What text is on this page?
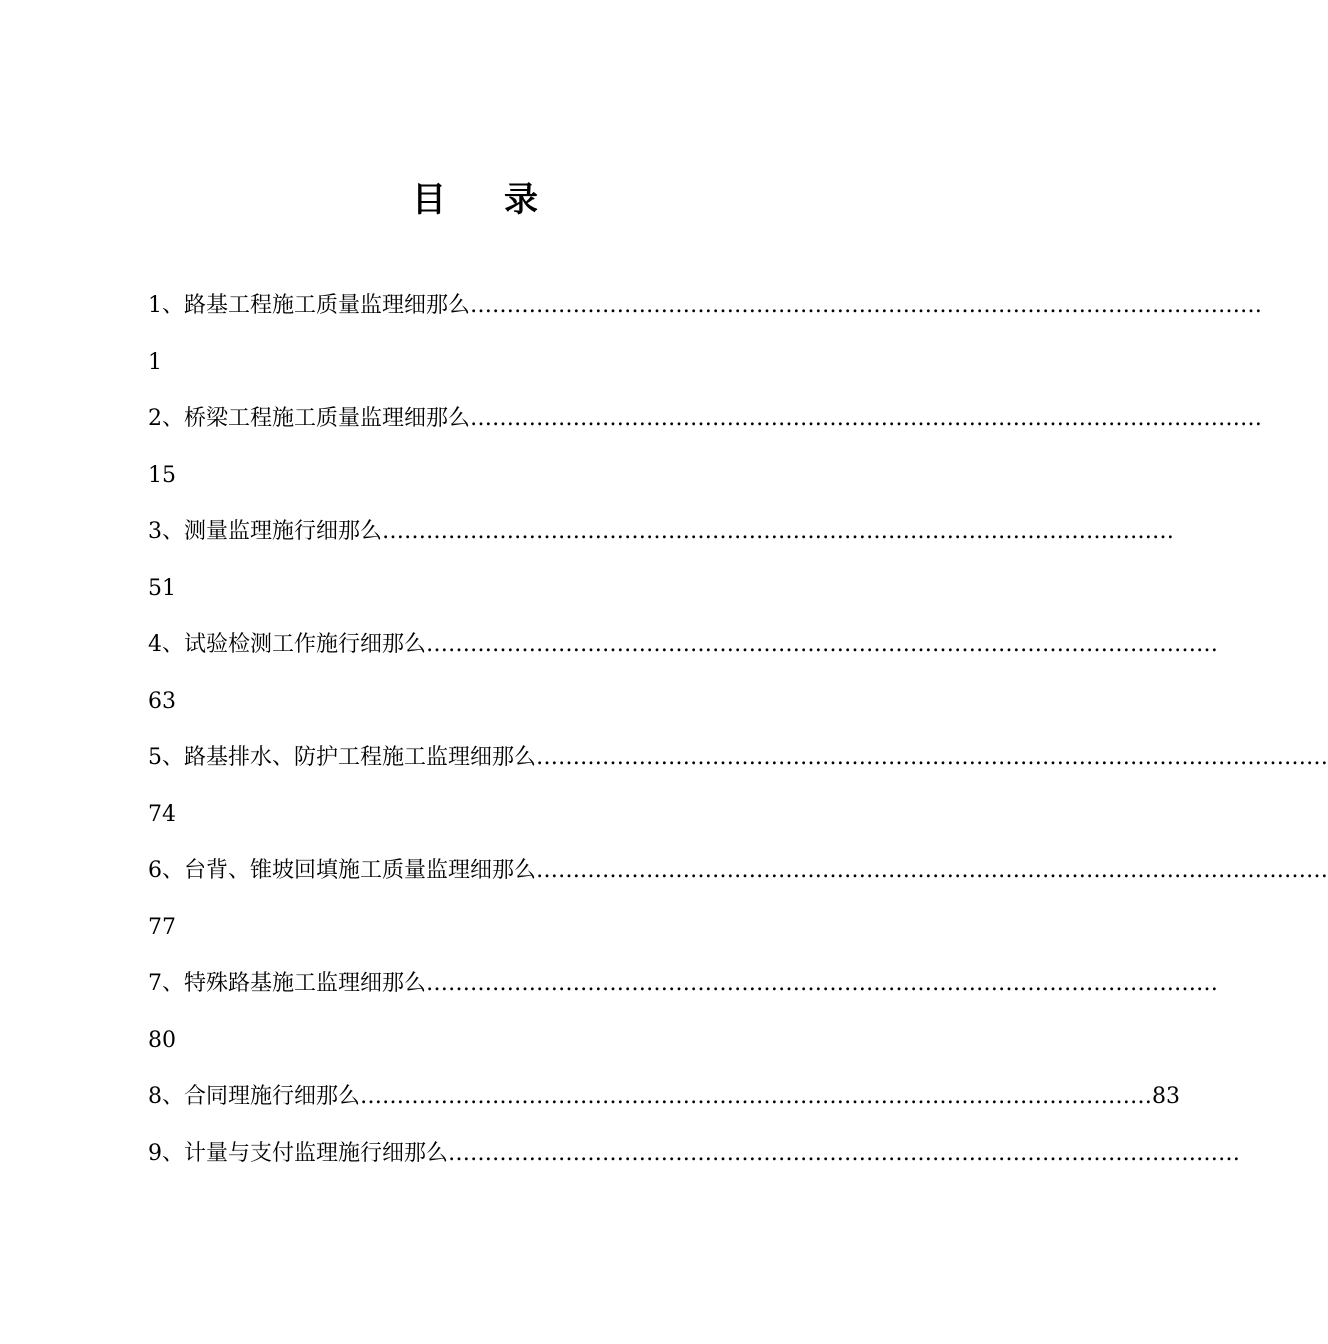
目 录
1、路基工程施工质量监理细那么 ………………………………………………………………………………………………
1
2、桥梁工程施工质量监理细那么 ………………………………………………………………………………………………
15
3、测量监理施行细那么 ………………………………………………………………………………………………
51
4、试验检测工作施行细那么 ………………………………………………………………………………………………
63
5、路基排水、防护工程施工监理细那么 ………………………………………………………………………………………………
74
6、台背、锥坡回填施工质量监理细那么 ………………………………………………………………………………………………
77
7、特殊路基施工监理细那么 ………………………………………………………………………………………………
80
8、合同理施行细那么 ……………………………………………………………………………………………… 83
9、计量与支付监理施行细那么 ………………………………………………………………………………………………
